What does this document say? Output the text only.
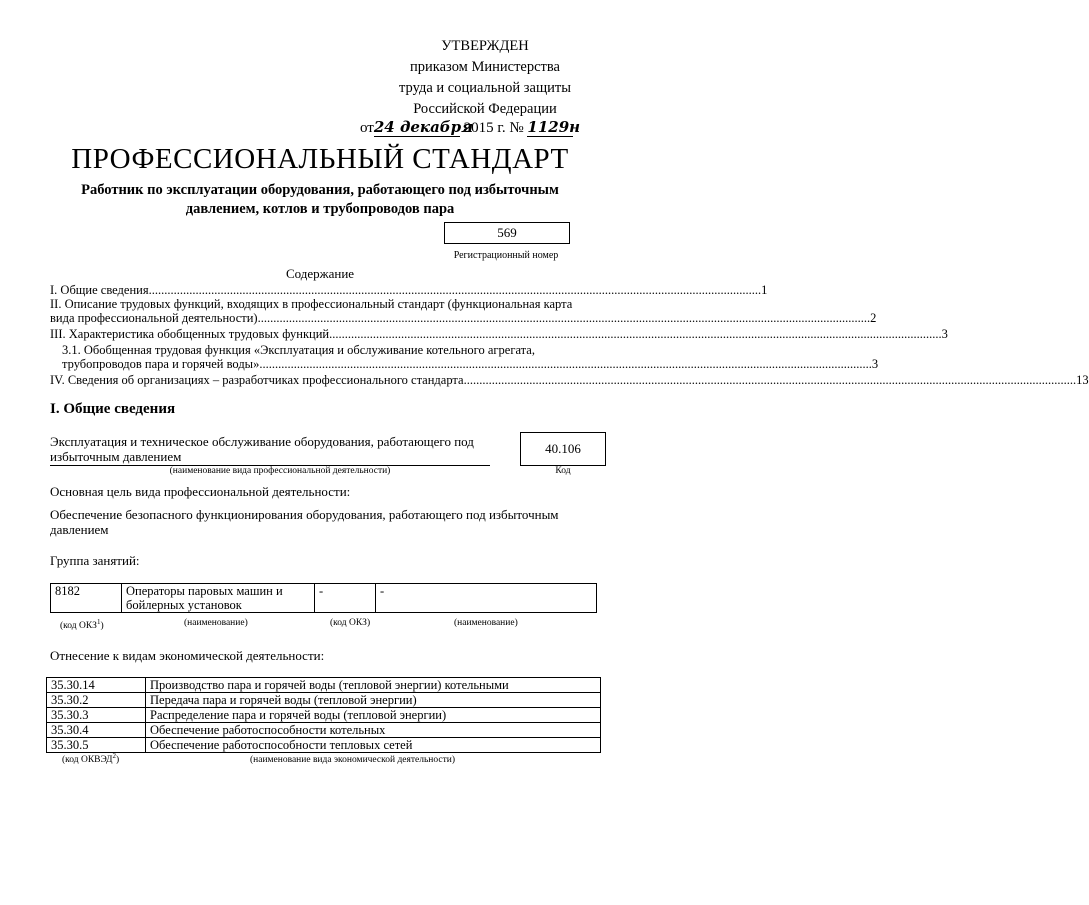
УТВЕРЖДЕН
приказом Министерства
труда и социальной защиты
Российской Федерации
от24 декабря 2015 г. № 1129н
ПРОФЕССИОНАЛЬНЫЙ СТАНДАРТ
Работник по эксплуатации оборудования, работающего под избыточным давлением, котлов и трубопроводов пара
569
Регистрационный номер
Содержание
I. Общие сведения .................................................................................................................................................................................................... 1
II. Описание трудовых функций, входящих в профессиональный стандарт (функциональная карта
вида профессиональной деятельности) .................................................................................................................................................................................................... 2
III. Характеристика обобщенных трудовых функций .................................................................................................................................................................................................... 3
3.1. Обобщенная трудовая функция «Эксплуатация и обслуживание котельного агрегата,
трубопроводов пара и горячей воды» .................................................................................................................................................................................................... 3
IV. Сведения об организациях – разработчиках профессионального стандарта .................................................................................................................................................................................................... 13
I. Общие сведения
Эксплуатация и техническое обслуживание оборудования, работающего под избыточным давлением
(наименование вида профессиональной деятельности)
40.106
Код
Основная цель вида профессиональной деятельности:
Обеспечение безопасного функционирования оборудования, работающего под избыточным давлением
Группа занятий:
8182	Операторы паровых машин и бойлерных установок	-	-
(код ОКЗ$^1$)	(наименование)	(код ОКЗ)	(наименование)
Отнесение к видам экономической деятельности:
35.30.14	Производство пара и горячей воды (тепловой энергии) котельными
35.30.2	Передача пара и горячей воды (тепловой энергии)
35.30.3	Распределение пара и горячей воды (тепловой энергии)
35.30.4	Обеспечение работоспособности котельных
35.30.5	Обеспечение работоспособности тепловых сетей
(код ОКВЭД$^2$)	(наименование вида экономической деятельности)
